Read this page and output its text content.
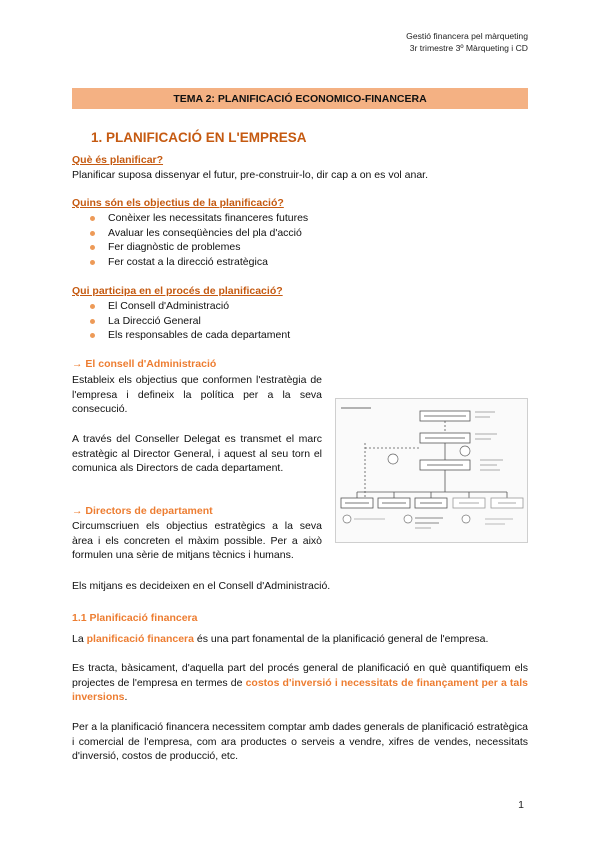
Gestió financera pel màrqueting
3r trimestre 3º Màrqueting i CD
TEMA 2: PLANIFICACIÓ ECONOMICO-FINANCERA
1. PLANIFICACIÓ EN L'EMPRESA
Què és planificar?
Planificar suposa dissenyar el futur, pre-construir-lo, dir cap a on es vol anar.
Quins són els objectius de la planificació?
Conèixer les necessitats financeres futures
Avaluar les conseqüències del pla d'acció
Fer diagnòstic de problemes
Fer costat a la direcció estratègica
Qui participa en el procés de planificació?
El Consell d'Administració
La Direcció General
Els responsables de cada departament
→ El consell d'Administració
Estableix els objectius que conformen l'estratègia de l'empresa i defineix la política per a la seva consecució.
A través del Conseller Delegat es transmet el marc estratègic al Director General, i aquest al seu torn el comunica als Directors de cada departament.
→ Directors de departament
Circumscriuen els objectius estratègics a la seva àrea i els concreten el màxim possible. Per a això formulen una sèrie de mitjans tècnics i humans.
Els mitjans es decideixen en el Consell d'Administració.
1.1 Planificació financera
La planificació financera és una part fonamental de la planificació general de l'empresa.
Es tracta, bàsicament, d'aquella part del procés general de planificació en què quantifiquem els projectes de l'empresa en termes de costos d'inversió i necessitats de finançament per a tals inversions.
Per a la planificació financera necessitem comptar amb dades generals de planificació estratègica i comercial de l'empresa, com ara productes o serveis a vendre, xifres de vendes, necessitats d'inversió, costos de producció, etc.
1
